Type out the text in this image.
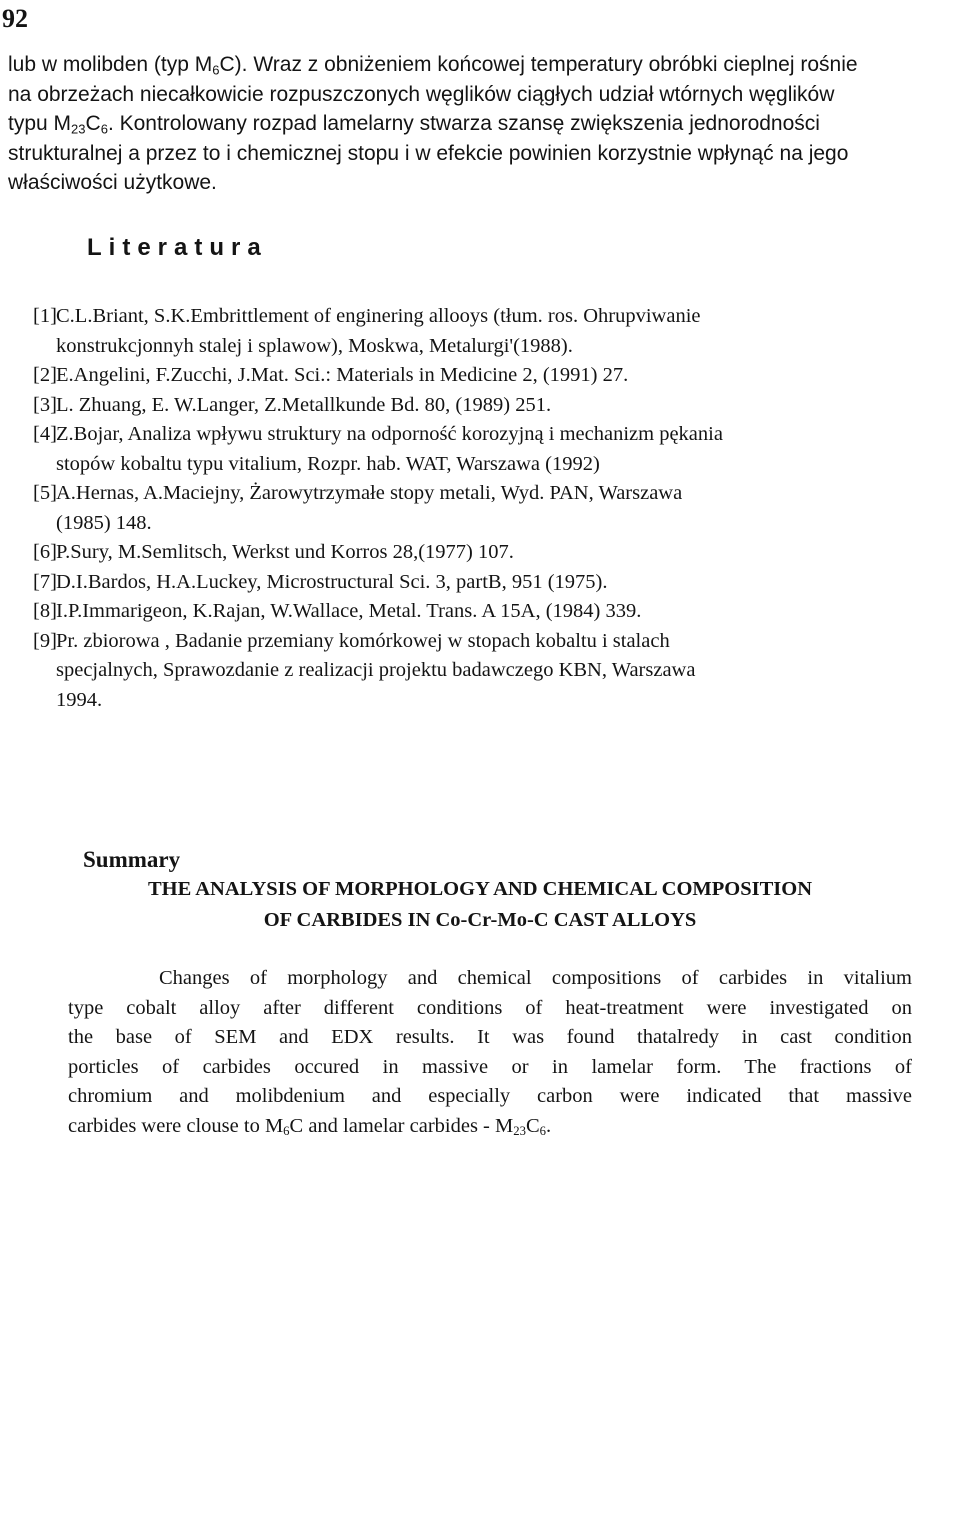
92
lub w molibden (typ $M_6C$). Wraz z obniżeniem końcowej temperatury obróbki cieplnej rośnie
na obrzeżach niecałkowicie rozpuszczonych węglików ciągłych udział wtórnych węglików
typu $M_{23}C_6$. Kontrolowany rozpad lamelarny stwarza szansę zwiększenia jednorodności
strukturalnej a przez to i chemicznej stopu i w efekcie powinien korzystnie wpłynąć na jego
właściwości użytkowe.
Literatura
[1]C.L.Briant, S.K.Embrittlement of enginering allooys (tłum. ros. Ohrupviwanie
konstrukcjonnyh stalej i splawow), Moskwa, Metalurgi'(1988).
[2]E.Angelini, F.Zucchi, J.Mat. Sci.: Materials in Medicine 2, (1991) 27.
[3]L. Zhuang, E. W.Langer, Z.Metallkunde Bd. 80, (1989) 251.
[4]Z.Bojar, Analiza wpływu struktury na odporność korozyjną i mechanizm pękania
stopów kobaltu typu vitalium, Rozpr. hab. WAT, Warszawa (1992)
[5]A.Hernas, A.Maciejny, Żarowytrzymałe stopy metali, Wyd. PAN, Warszawa
(1985) 148.
[6]P.Sury, M.Semlitsch, Werkst und Korros 28,(1977) 107.
[7]D.I.Bardos, H.A.Luckey, Microstructural Sci. 3, partB, 951 (1975).
[8]I.P.Immarigeon, K.Rajan, W.Wallace, Metal. Trans. A 15A, (1984) 339.
[9]Pr. zbiorowa , Badanie przemiany komórkowej w stopach kobaltu i stalach
specjalnych, Sprawozdanie z realizacji projektu badawczego KBN, Warszawa
1994.
Summary
THE ANALYSIS OF MORPHOLOGY AND CHEMICAL COMPOSITION
OF CARBIDES IN Co-Cr-Mo-C CAST ALLOYS
Changes of morphology and chemical compositions of carbides in vitalium
type cobalt alloy after different conditions of heat-treatment were investigated on
the base of SEM and EDX results. It was found thatalredy in cast condition
porticles of carbides occured in massive or in lamelar form. The fractions of
chromium and molibdenium and especially carbon were indicated that massive
carbides were clouse to $M_6C$ and lamelar carbides - $M_{23}C_6$.
